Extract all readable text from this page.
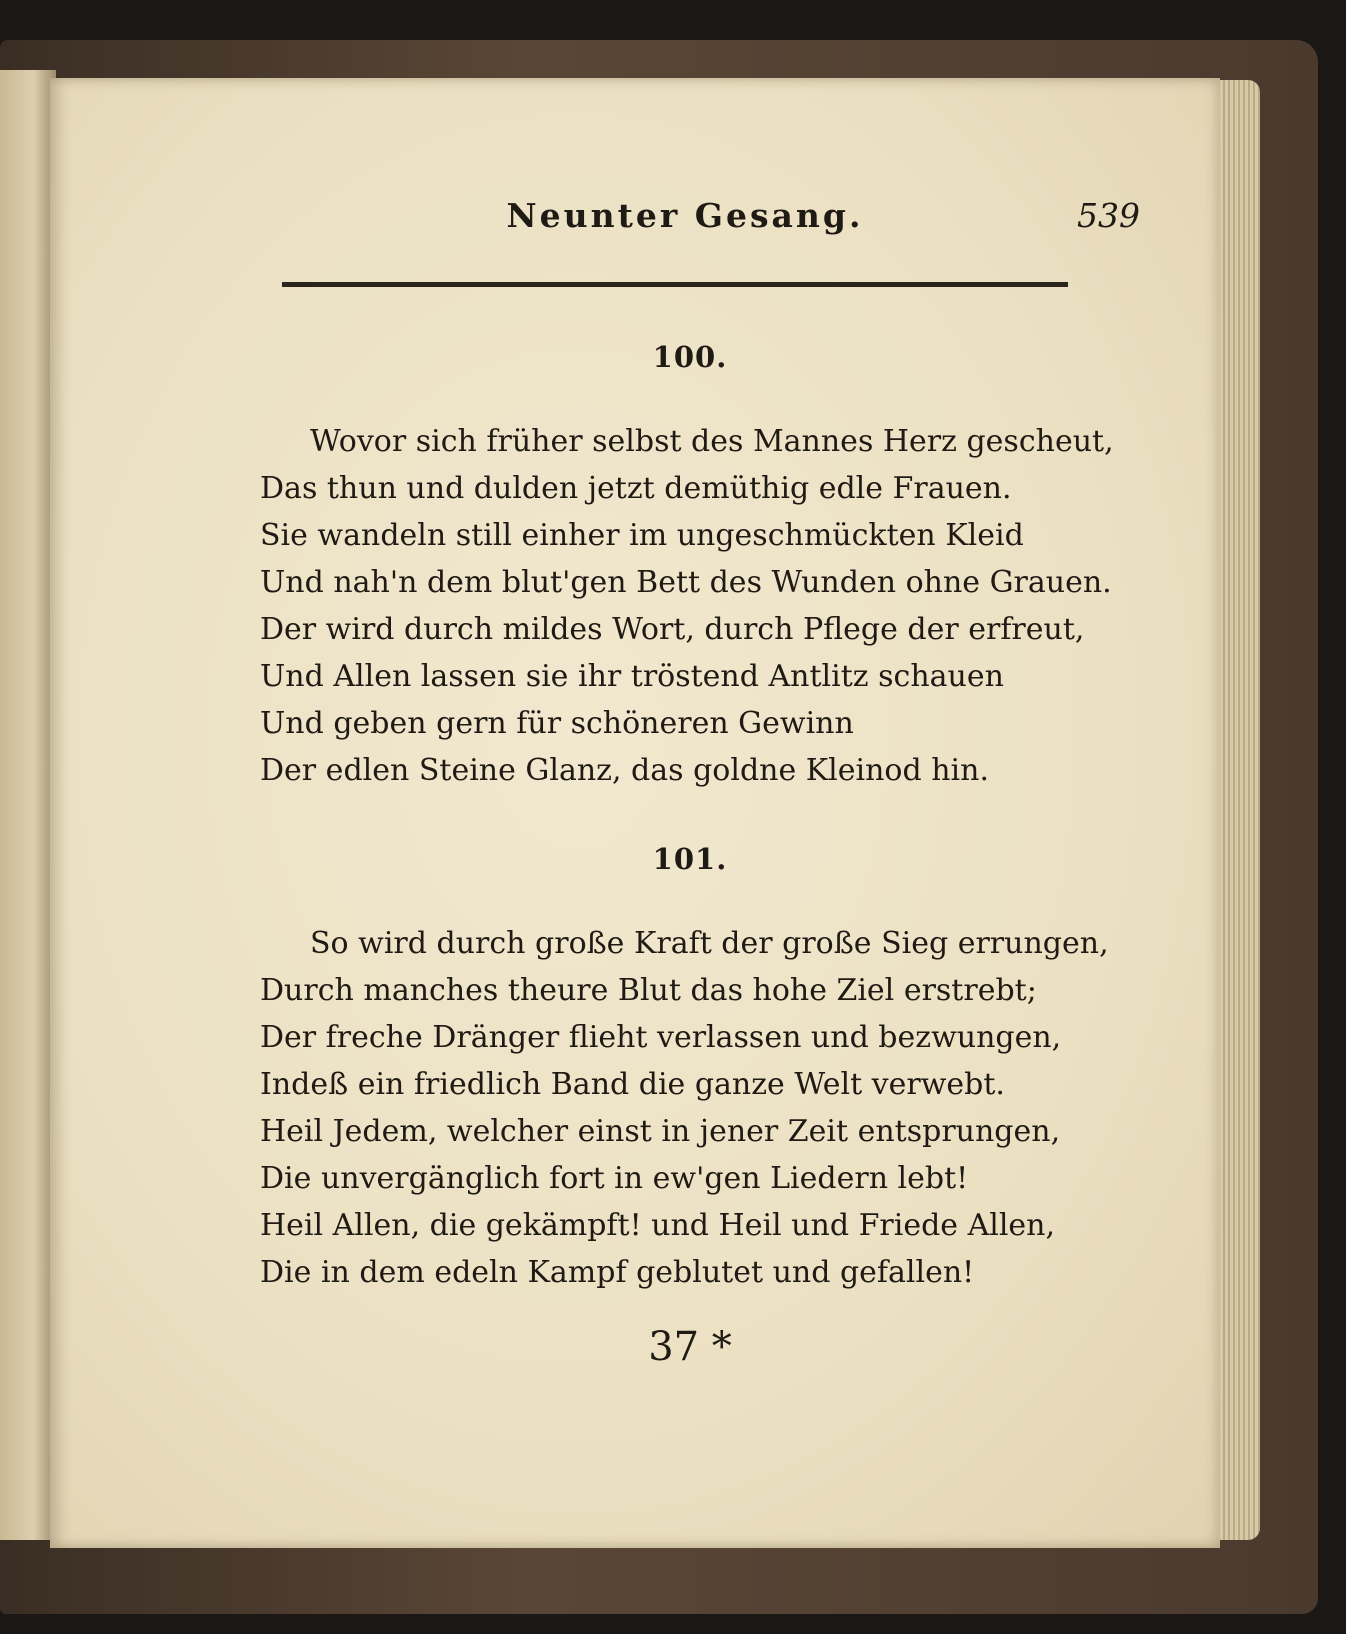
Neunter Gesang.	539
100.
Wovor sich früher selbst des Mannes Herz gescheut,
Das thun und dulden jetzt demüthig edle Frauen.
Sie wandeln still einher im ungeschmückten Kleid
Und nah'n dem blut'gen Bett des Wunden ohne Grauen.
Der wird durch mildes Wort, durch Pflege der erfreut,
Und Allen lassen sie ihr tröstend Antlitz schauen
Und geben gern für schöneren Gewinn
Der edlen Steine Glanz, das goldne Kleinod hin.
101.
So wird durch große Kraft der große Sieg errungen,
Durch manches theure Blut das hohe Ziel erstrebt;
Der freche Dränger flieht verlassen und bezwungen,
Indeß ein friedlich Band die ganze Welt verwebt.
Heil Jedem, welcher einst in jener Zeit entsprungen,
Die unvergänglich fort in ew'gen Liedern lebt!
Heil Allen, die gekämpft! und Heil und Friede Allen,
Die in dem edeln Kampf geblutet und gefallen!
37 *
